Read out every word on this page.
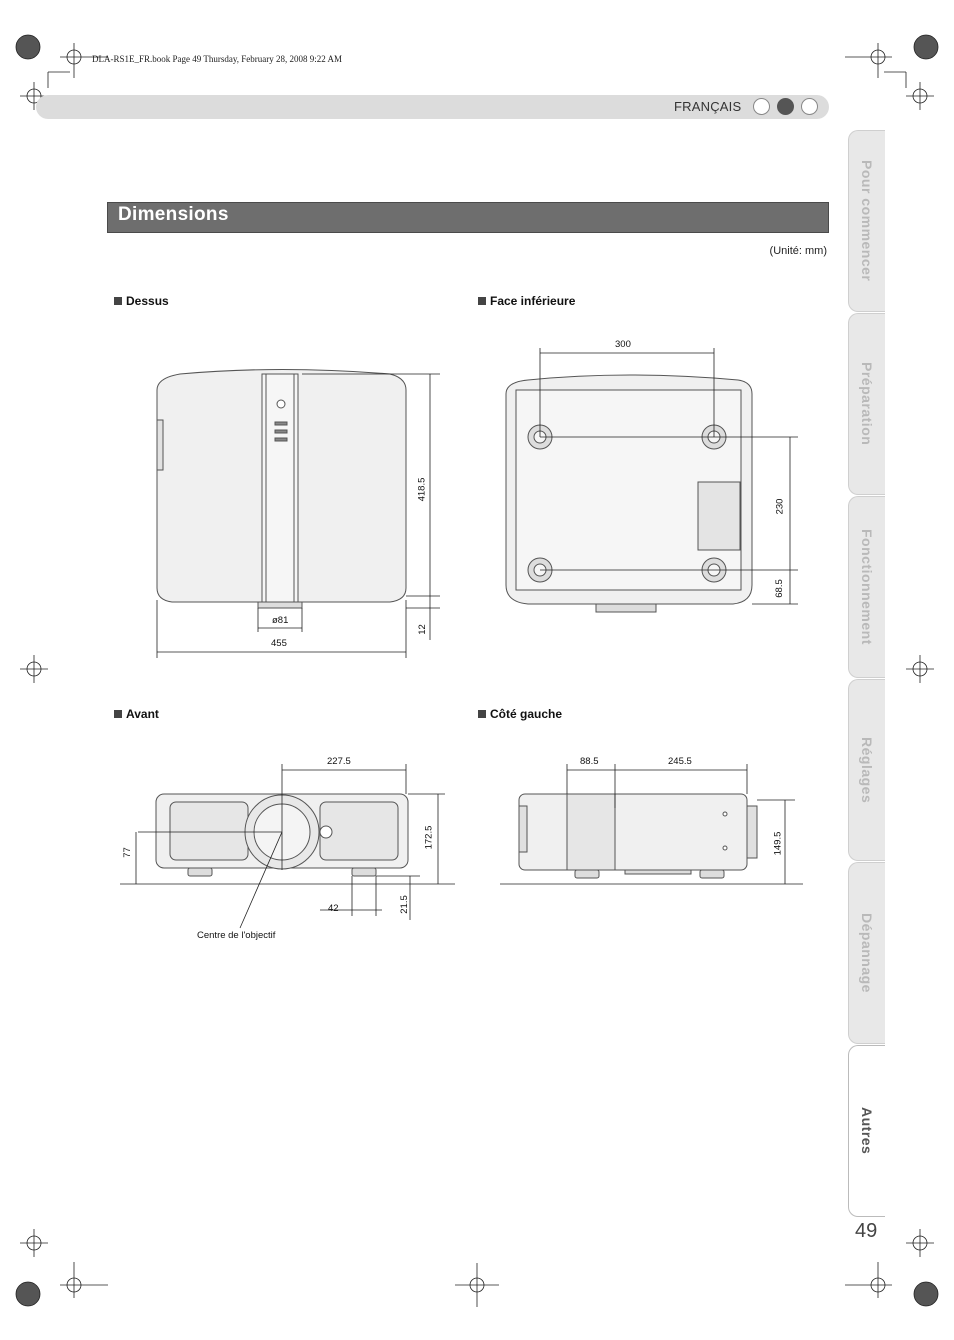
DLA-RS1E_FR.book Page 49 Thursday, February 28, 2008 9:22 AM
FRANÇAIS
Dimensions
(Unité: mm)
Dessus	Face inférieure
Avant	Côté gauche
418.5
12
ø81
455
300
230
68.5
227.5
77
172.5
42	21.5
Centre de l'objectif
88.5	245.5
149.5
Pour commencer
Préparation
Fonctionnement
Réglages
Dépannage
Autres
49
